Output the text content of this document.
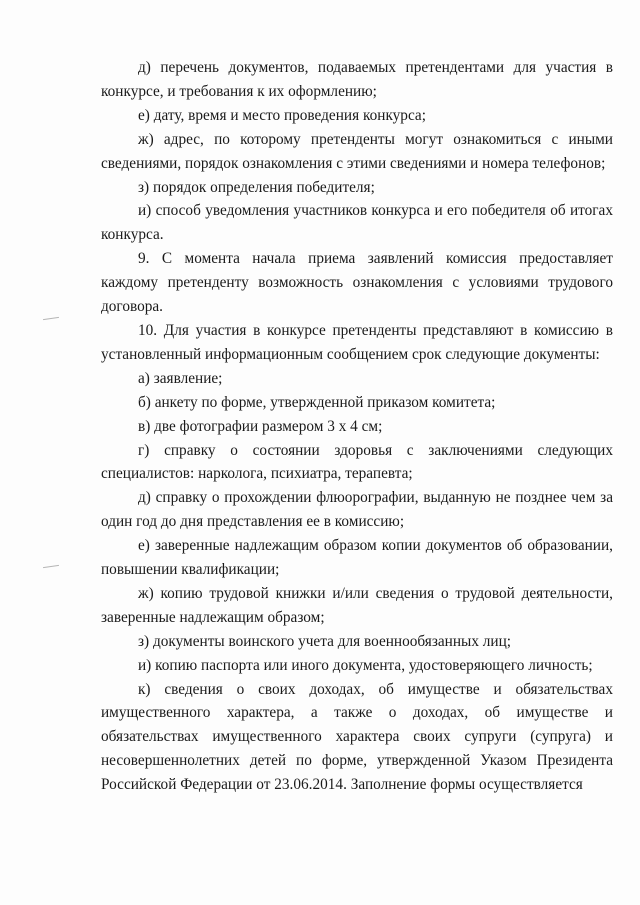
д) перечень документов, подаваемых претендентами для участия в конкурсе, и требования к их оформлению;

е) дату, время и место проведения конкурса;

ж) адрес, по которому претенденты могут ознакомиться с иными сведениями, порядок ознакомления с этими сведениями и номера телефонов;

з) порядок определения победителя;

и) способ уведомления участников конкурса и его победителя об итогах конкурса.

9. С момента начала приема заявлений комиссия предоставляет каждому претенденту возможность ознакомления с условиями трудового договора.

10. Для участия в конкурсе претенденты представляют в комиссию в установленный информационным сообщением срок следующие документы:

а) заявление;

б) анкету по форме, утвержденной приказом комитета;

в) две фотографии размером 3 х 4 см;

г) справку о состоянии здоровья с заключениями следующих специалистов: нарколога, психиатра, терапевта;

д) справку о прохождении флюорографии, выданную не позднее чем за один год до дня представления ее в комиссию;

е) заверенные надлежащим образом копии документов об образовании, повышении квалификации;

ж) копию трудовой книжки и/или сведения о трудовой деятельности, заверенные надлежащим образом;

з) документы воинского учета для военнообязанных лиц;

и) копию паспорта или иного документа, удостоверяющего личность;

к) сведения о своих доходах, об имуществе и обязательствах имущественного характера, а также о доходах, об имуществе и обязательствах имущественного характера своих супруги (супруга) и несовершеннолетних детей по форме, утвержденной Указом Президента Российской Федерации от 23.06.2014. Заполнение формы осуществляется
